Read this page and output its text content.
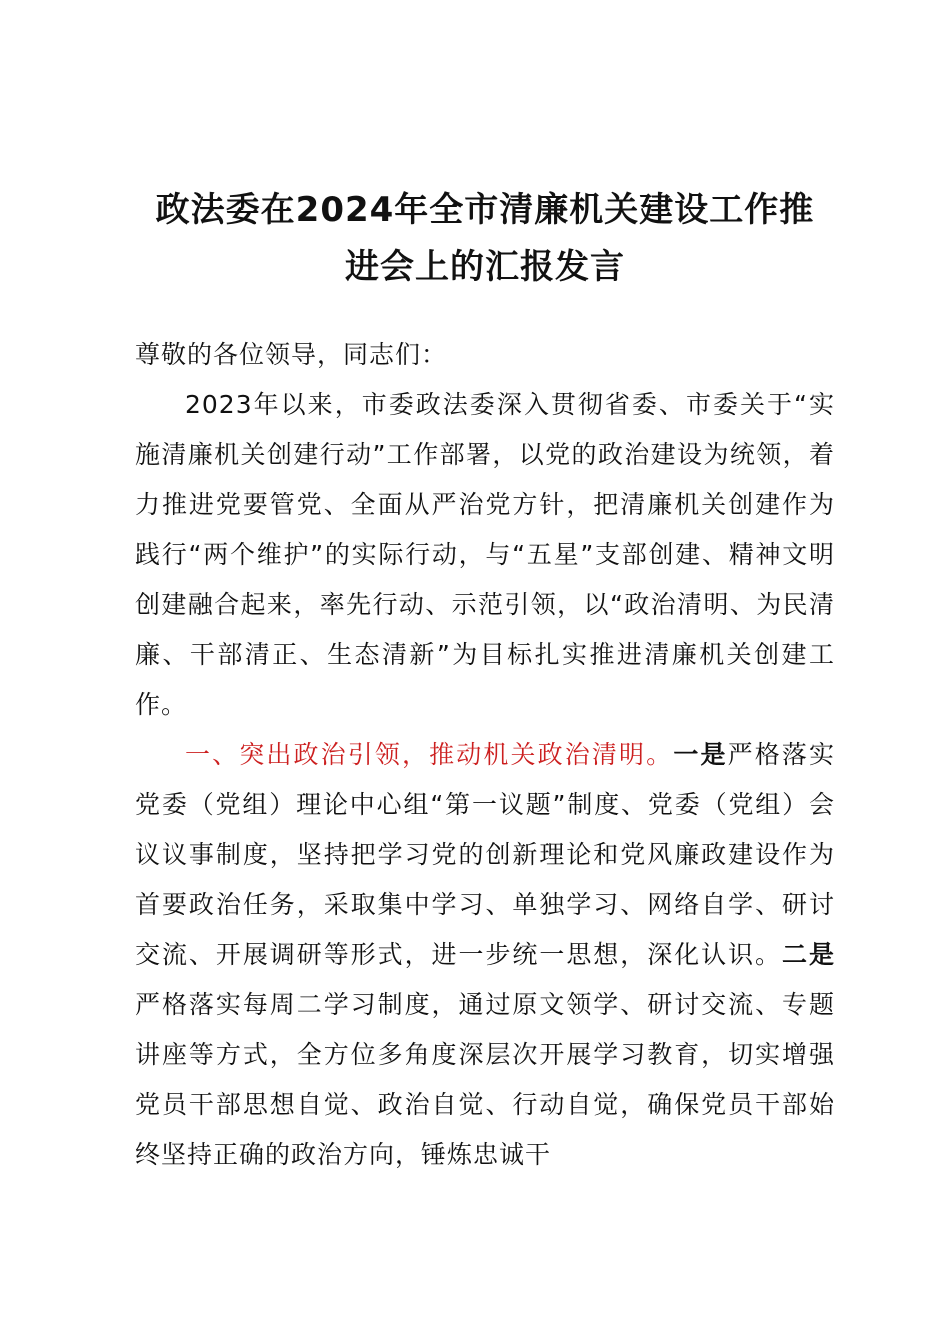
政法委在2024年全市清廉机关建设工作推
进会上的汇报发言

尊敬的各位领导，同志们：

2023年以来，市委政法委深入贯彻省委、市委关于“实施清廉机关创建行动”工作部署，以党的政治建设为统领，着力推进党要管党、全面从严治党方针，把清廉机关创建作为践行“两个维护”的实际行动，与“五星”支部创建、精神文明创建融合起来，率先行动、示范引领，以“政治清明、为民清廉、干部清正、生态清新”为目标扎实推进清廉机关创建工作。

一、突出政治引领，推动机关政治清明。一是严格落实党委（党组）理论中心组“第一议题”制度、党委（党组）会议议事制度，坚持把学习党的创新理论和党风廉政建设作为首要政治任务，采取集中学习、单独学习、网络自学、研讨交流、开展调研等形式，进一步统一思想，深化认识。二是严格落实每周二学习制度，通过原文领学、研讨交流、专题讲座等方式，全方位多角度深层次开展学习教育，切实增强党员干部思想自觉、政治自觉、行动自觉，确保党员干部始终坚持正确的政治方向，锤炼忠诚干
